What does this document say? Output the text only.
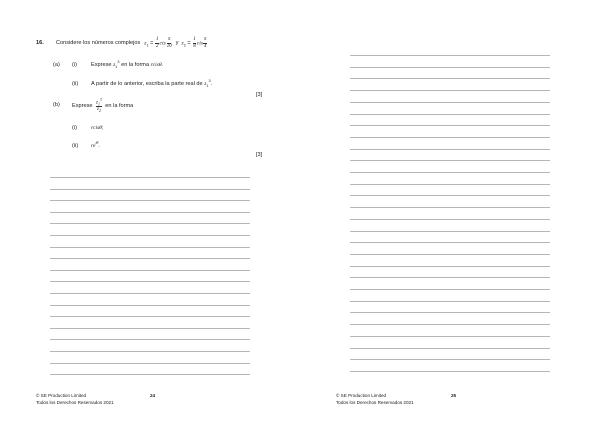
16. Considere los números complejos $z_1 = \frac{1}{2}$ cis $\frac{\pi}{10}$ y $z_2 = \frac{1}{8}$ cis $\frac{\pi}{4}$
(a) (i)	Exprese $z_1^3$ en la forma rcisθ.
(ii) A partir de lo anterior, escriba la parte real de $z_1^3$.
[3]
(b) Exprese $\frac{z_1^3}{z_2}$ en la forma
(i)	rcisθ;
(ii) $re^{i\theta}$.
[3]
© SE Production Limited
Todos los Derechos Reservados 2021
24	© SE Production Limited
Todos los Derechos Reservados 2021
25
